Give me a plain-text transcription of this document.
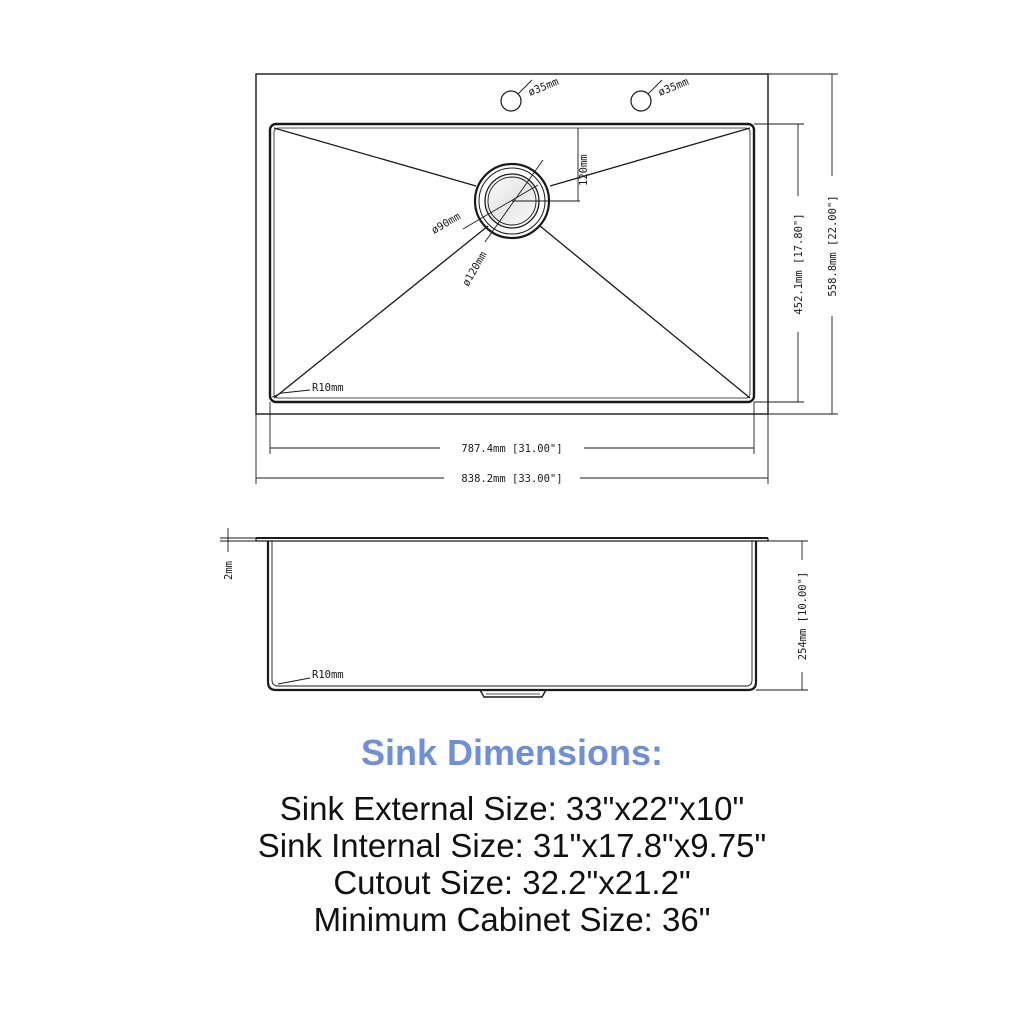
ø35mm	ø35mm
120mm
ø90mm
ø120mm
R10mm
787.4mm [31.00"]
838.2mm [33.00"]
452.1mm [17.80"] 558.8mm [22.00"]
2mm
R10mm
254mm [10.00"]
Sink Dimensions:
Sink External Size: 33"x22"x10"
Sink Internal Size: 31"x17.8"x9.75"
Cutout Size: 32.2"x21.2"
Minimum Cabinet Size: 36"
